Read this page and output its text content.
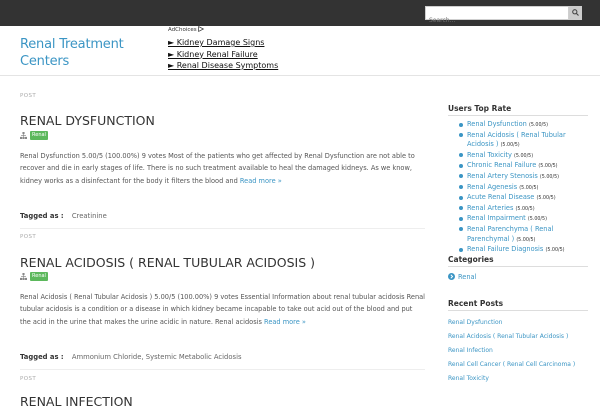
Search...
Renal Treatment Centers
AdChoices
► Kidney Damage Signs
► Kidney Renal Failure
► Renal Disease Symptoms
POST
RENAL DYSFUNCTION
Renal
Renal Dysfunction 5.00/5 (100.00%) 9 votes Most of the patients who get affected by Renal Dysfunction are not able to recover and die in early stages of life. There is no such treatment available to heal the damaged kidneys. As we know, kidney works as a disinfectant for the body it filters the blood and Read more »
Tagged as : Creatinine
POST
RENAL ACIDOSIS ( RENAL TUBULAR ACIDOSIS )
Renal
Renal Acidosis ( Renal Tubular Acidosis ) 5.00/5 (100.00%) 9 votes Essential Information about renal tubular acidosis Renal tubular acidosis is a condition or a disease in which kidney became incapable to take out acid out of the blood and put the acid in the urine that makes the urine acidic in nature. Renal acidosis Read more »
Tagged as : Ammonium Chloride, Systemic Metabolic Acidosis
POST
RENAL INFECTION
Users Top Rate
Renal Dysfunction (5.00/5)
Renal Acidosis ( Renal Tubular Acidosis ) (5.00/5)
Renal Toxicity (5.00/5)
Chronic Renal Failure (5.00/5)
Renal Artery Stenosis (5.00/5)
Renal Agenesis (5.00/5)
Acute Renal Disease (5.00/5)
Renal Arteries (5.00/5)
Renal Impairment (5.00/5)
Renal Parenchyma ( Renal Parenchymal ) (5.00/5)
Renal Failure Diagnosis (5.00/5)
Categories
Renal
Recent Posts
Renal Dysfunction
Renal Acidosis ( Renal Tubular Acidosis )
Renal Infection
Renal Cell Cancer ( Renal Cell Carcinoma )
Renal Toxicity
